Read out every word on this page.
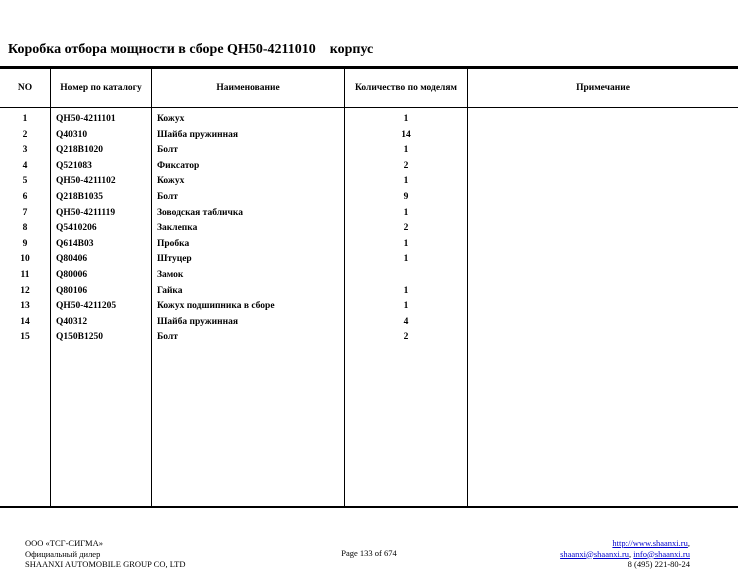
Коробка отбора мощности в сборе QH50-4211010    корпус
NO	Номер по каталогу	Наименование	Количество по моделям	Примечание
1	QH50-4211101	Кожух	1
2	Q40310	Шайба пружинная	14
3	Q218B1020	Болт	1
4	Q521083	Фиксатор	2
5	QH50-4211102	Кожух	1
6	Q218B1035	Болт	9
7	QH50-4211119	Зоводская табличка	1
8	Q5410206	Заклепка	2
9	Q614B03	Пробка	1
10	Q80406	Штуцер	1
11	Q80006	Замок
12	Q80106	Гайка	1
13	QH50-4211205	Кожух подшипника в сборе	1
14	Q40312	Шайба пружинная	4
15	Q150B1250	Болт	2
ООО «ТСГ-СИГМА»
Официальный дилер
SHAANXI AUTOMOBILE GROUP CO, LTD
Page 133 of 674
http://www.shaanxi.ru,
shaanxi@shaanxi.ru, info@shaanxi.ru
8 (495) 221-80-24
